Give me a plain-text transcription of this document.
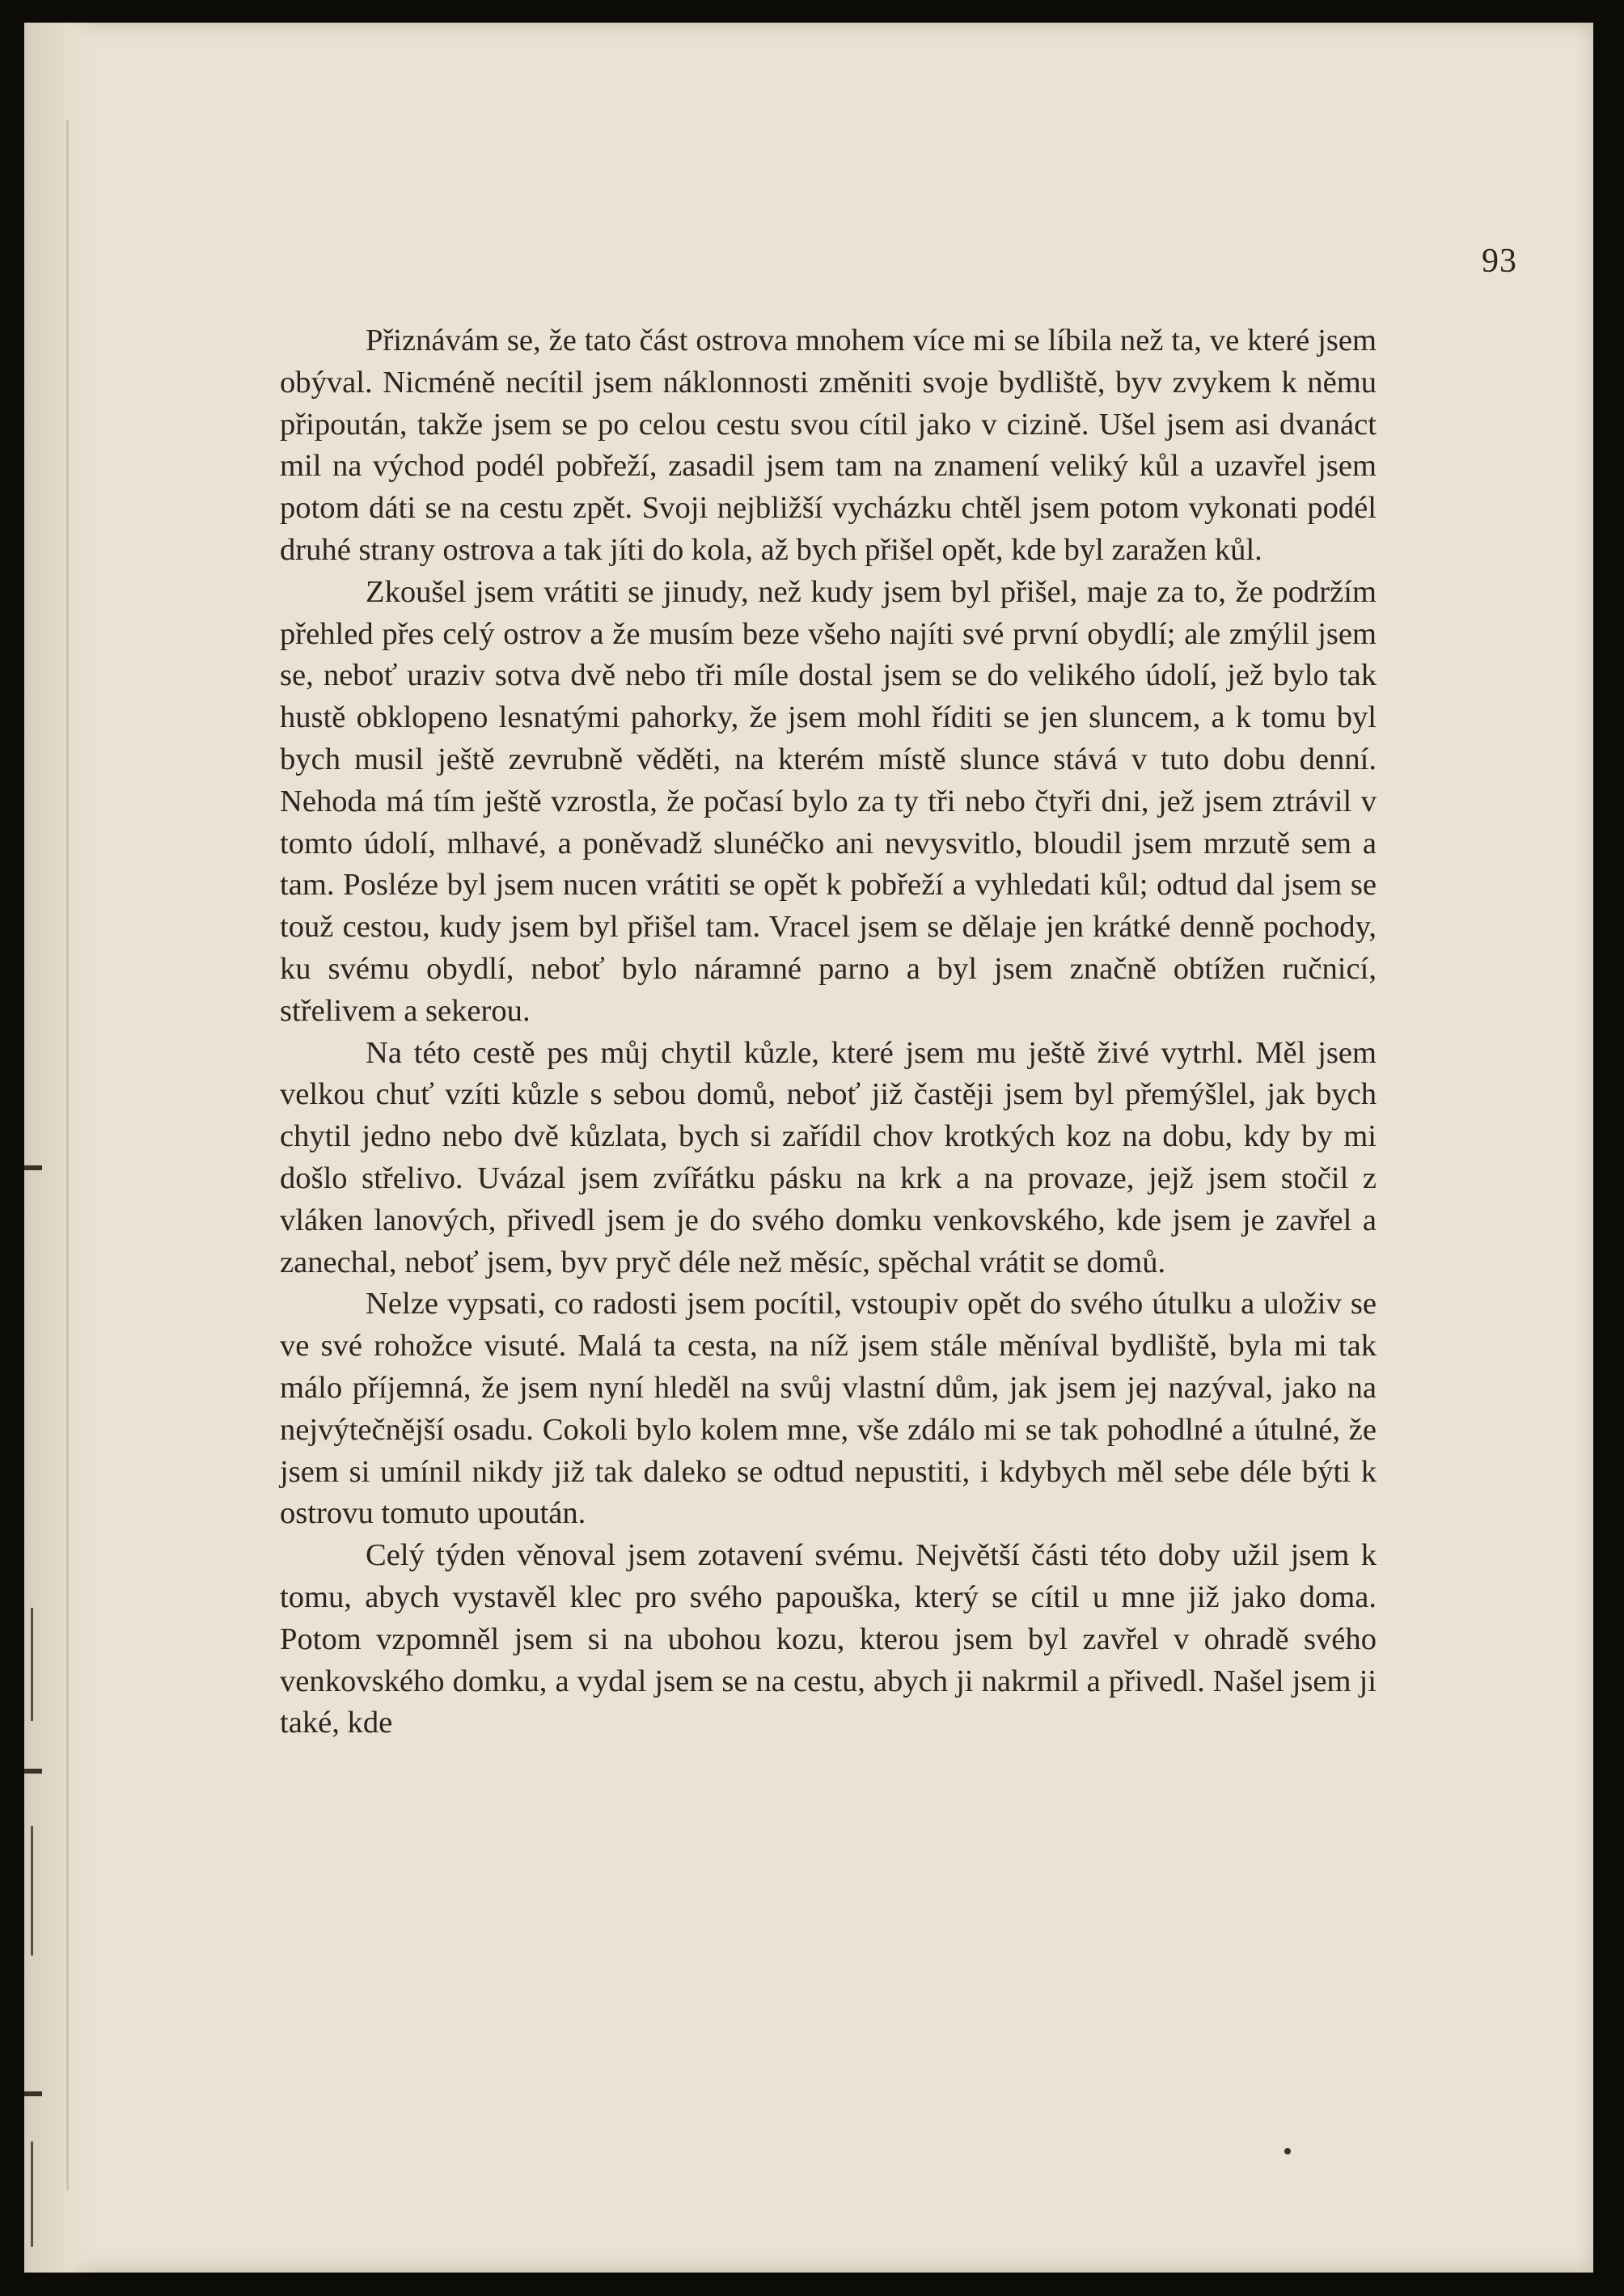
93

Přiznávám se, že tato část ostrova mnohem více mi se líbila než ta, ve které jsem obýval. Nicméně necítil jsem náklonnosti změniti svoje bydliště, byv zvykem k němu připoután, takže jsem se po celou cestu svou cítil jako v cizině. Ušel jsem asi dvanáct mil na východ podél pobřeží, zasadil jsem tam na znamení veliký kůl a uzavřel jsem potom dáti se na cestu zpět. Svoji nejbližší vycházku chtěl jsem potom vykonati podél druhé strany ostrova a tak jíti do kola, až bych přišel opět, kde byl zaražen kůl.

Zkoušel jsem vrátiti se jinudy, než kudy jsem byl přišel, maje za to, že podržím přehled přes celý ostrov a že musím beze všeho najíti své první obydlí; ale zmýlil jsem se, neboť uraziv sotva dvě nebo tři míle dostal jsem se do velikého údolí, jež bylo tak hustě obklopeno lesnatými pahorky, že jsem mohl říditi se jen sluncem, a k tomu byl bych musil ještě zevrubně věděti, na kterém místě slunce stává v tuto dobu denní. Nehoda má tím ještě vzrostla, že počasí bylo za ty tři nebo čtyři dni, jež jsem ztrávil v tomto údolí, mlhavé, a poněvadž slunéčko ani nevysvitlo, bloudil jsem mrzutě sem a tam. Posléze byl jsem nucen vrátiti se opět k pobřeží a vyhledati kůl; odtud dal jsem se touž cestou, kudy jsem byl přišel tam. Vracel jsem se dělaje jen krátké denně pochody, ku svému obydlí, neboť bylo náramné parno a byl jsem značně obtížen ručnicí, střelivem a sekerou.

Na této cestě pes můj chytil kůzle, které jsem mu ještě živé vytrhl. Měl jsem velkou chuť vzíti kůzle s sebou domů, neboť již častěji jsem byl přemýšlel, jak bych chytil jedno nebo dvě kůzlata, bych si zařídil chov krotkých koz na dobu, kdy by mi došlo střelivo. Uvázal jsem zvířátku pásku na krk a na provaze, jejž jsem stočil z vláken lanových, přivedl jsem je do svého domku venkovského, kde jsem je zavřel a zanechal, neboť jsem, byv pryč déle než měsíc, spěchal vrátit se domů.

Nelze vypsati, co radosti jsem pocítil, vstoupiv opět do svého útulku a uloživ se ve své rohožce visuté. Malá ta cesta, na níž jsem stále měníval bydliště, byla mi tak málo příjemná, že jsem nyní hleděl na svůj vlastní dům, jak jsem jej nazýval, jako na nejvýtečnější osadu. Cokoli bylo kolem mne, vše zdálo mi se tak pohodlné a útulné, že jsem si umínil nikdy již tak daleko se odtud nepustiti, i kdybych měl sebe déle býti k ostrovu tomuto upoután.

Celý týden věnoval jsem zotavení svému. Největší části této doby užil jsem k tomu, abych vystavěl klec pro svého papouška, který se cítil u mne již jako doma. Potom vzpomněl jsem si na ubohou kozu, kterou jsem byl zavřel v ohradě svého venkovského domku, a vydal jsem se na cestu, abych ji nakrmil a přivedl. Našel jsem ji také, kde
